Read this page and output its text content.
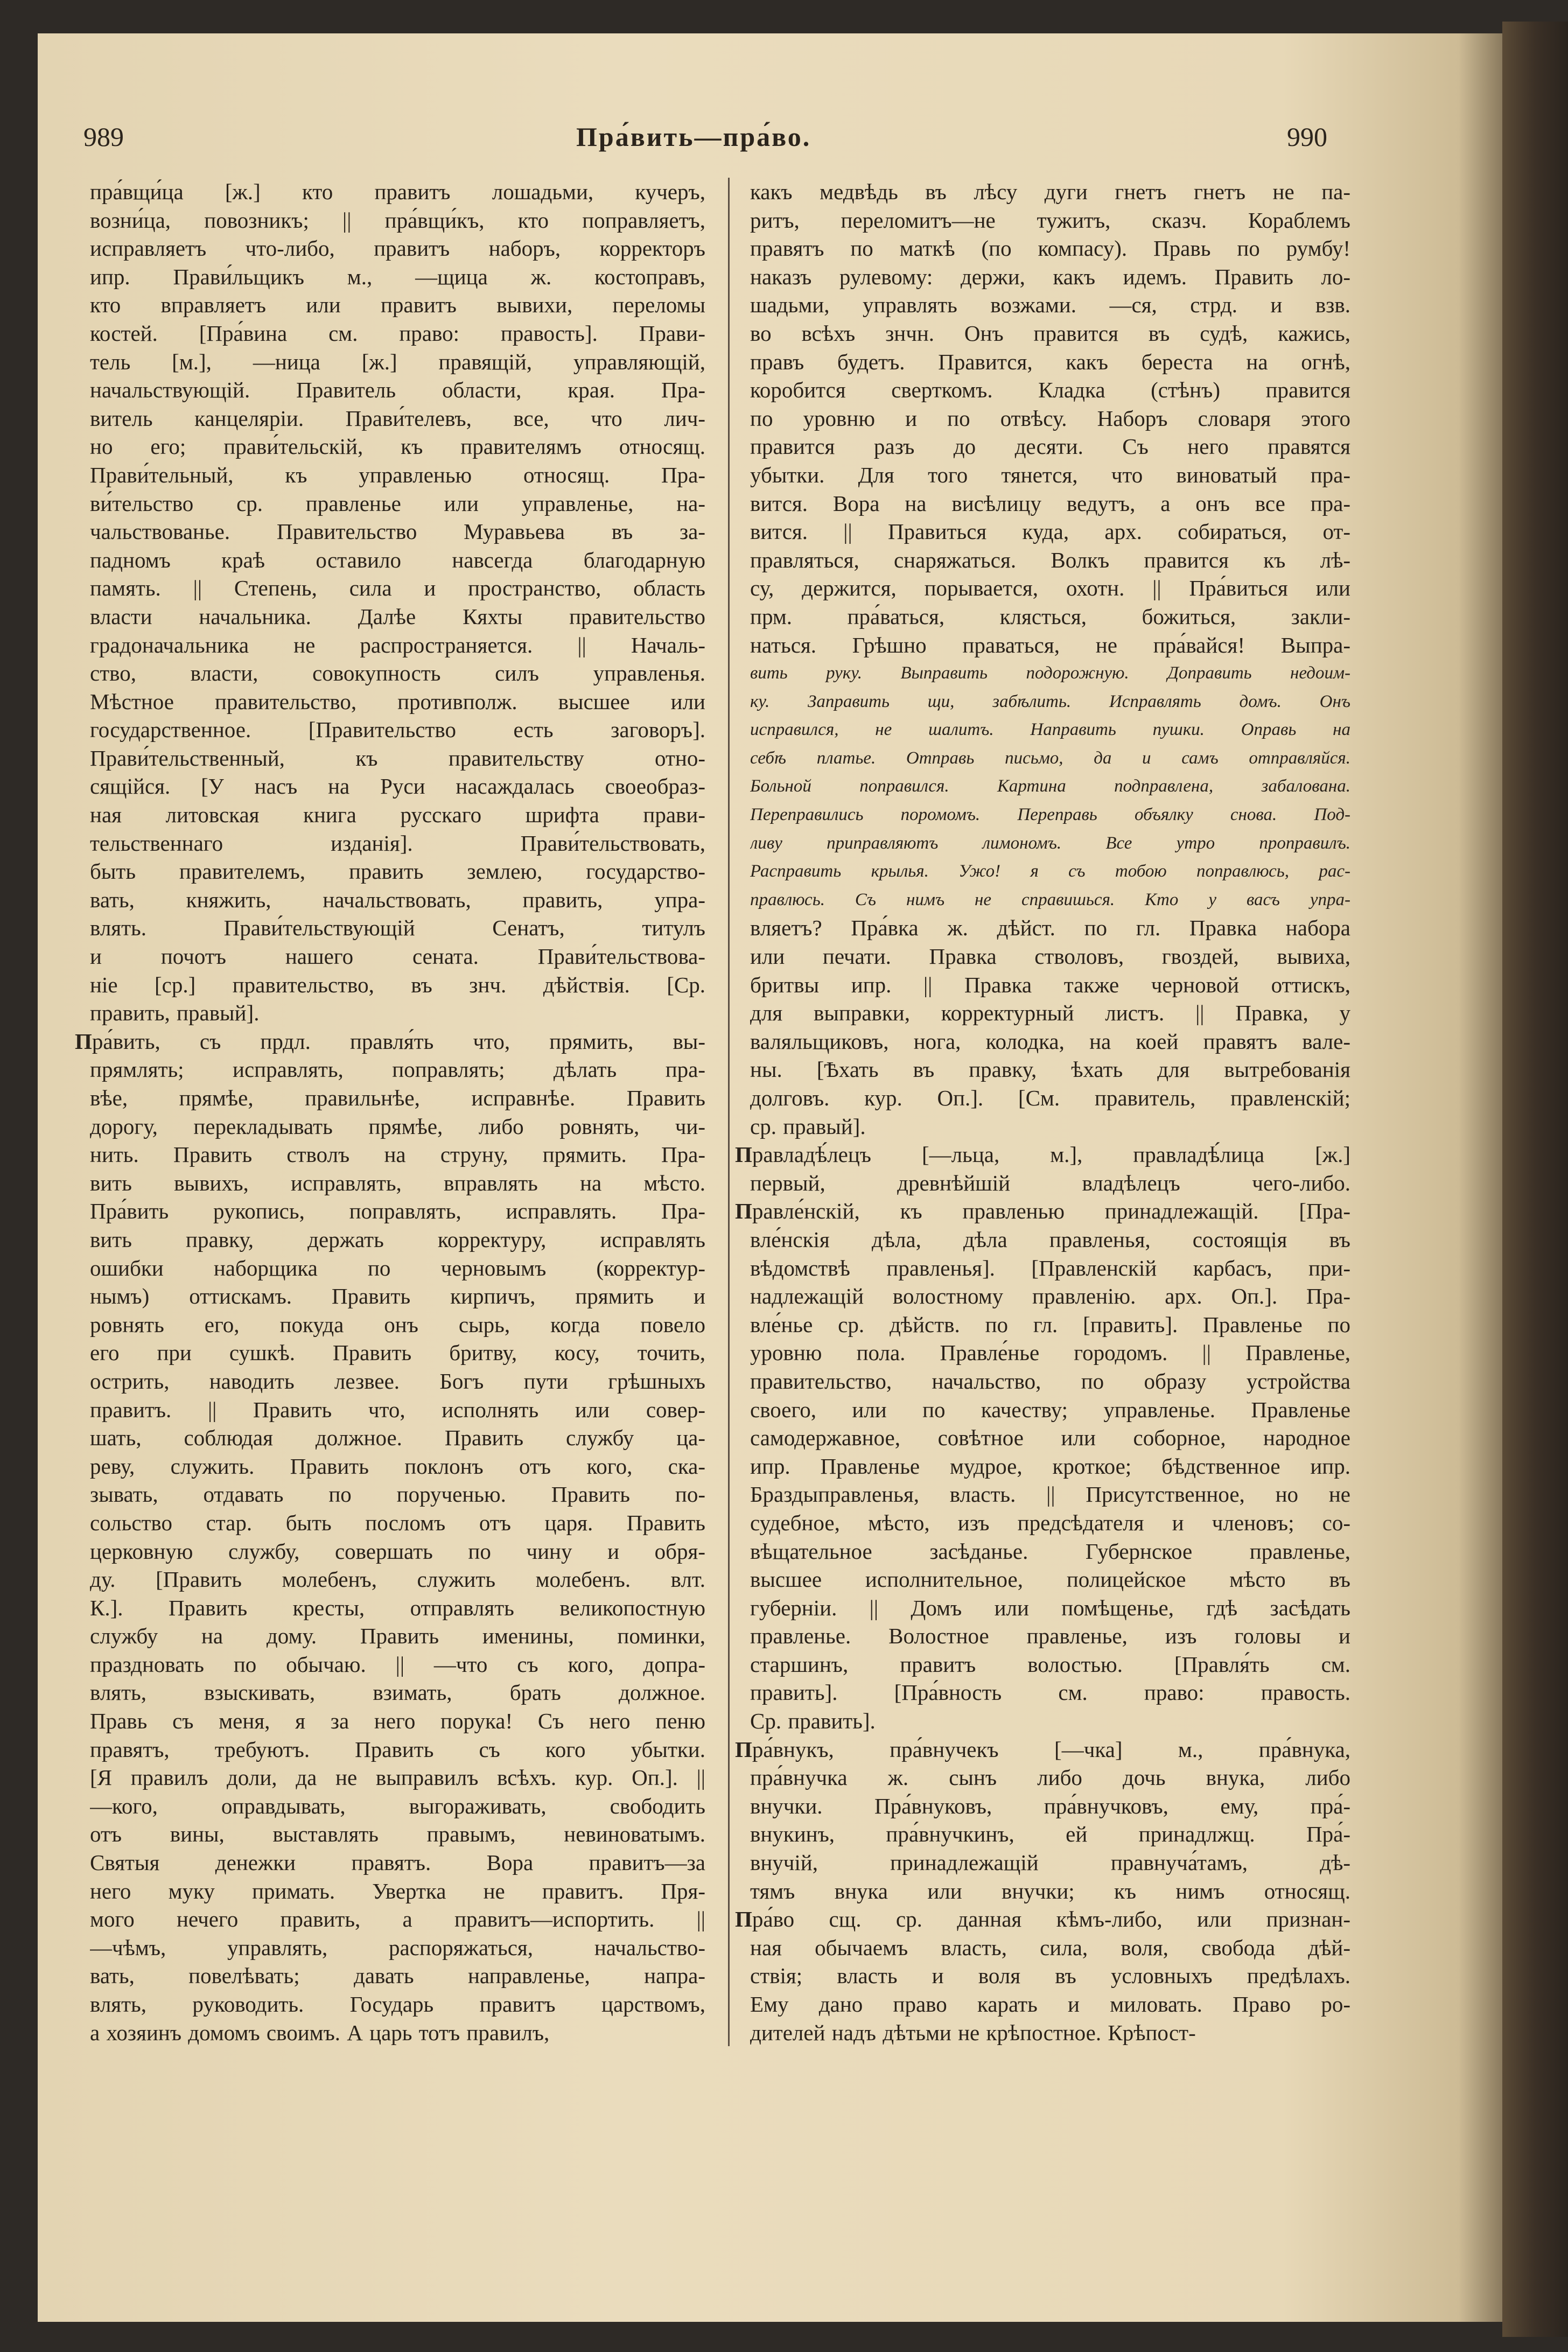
989	Пра́вить—пра́во.	990
пра́вщи́ца [ж.] кто правитъ лошадьми, кучеръ,
возни́ца, повозникъ; || пра́вщи́къ, кто поправляетъ,
исправляетъ что-либо, правитъ наборъ, корректоръ
ипр. Прави́льщикъ м., —щица ж. костоправъ,
кто вправляетъ или правитъ вывихи, переломы
костей. [Пра́вина см. право: правость]. Прави-
тель [м.], —ница [ж.] правящій, управляющій,
начальствующій. Правитель области, края. Пра-
витель канцеляріи. Прави́телевъ, все, что лич-
но его; прави́тельскій, къ правителямъ относящ.
Прави́тельный, къ управленью относящ. Пра-
ви́тельство ср. правленье или управленье, на-
чальствованье. Правительство Муравьева въ за-
падномъ краѣ оставило навсегда благодарную
память. || Степень, сила и пространство, область
власти начальника. Далѣе Кяхты правительство
градоначальника не распространяется. || Началь-
ство, власти, совокупность силъ управленья.
Мѣстное правительство, противполж. высшее или
государственное. [Правительство есть заговоръ].
Прави́тельственный, къ правительству отно-
сящійся. [У насъ на Руси насаждалась своеобраз-
ная литовская книга русскаго шрифта прави-
тельственнаго изданія]. Прави́тельствовать,
быть правителемъ, править землею, государство-
вать, княжить, начальствовать, править, упра-
влять. Прави́тельствующій Сенатъ, титулъ
и почотъ нашего сената. Прави́тельствова-
ніе [ср.] правительство, въ знч. дѣйствія. [Ср.
править, правый].
Пра́вить, съ прдл. правля́ть что, прямить, вы-
прямлять; исправлять, поправлять; дѣлать пра-
вѣе, прямѣе, правильнѣе, исправнѣе. Править
дорогу, перекладывать прямѣе, либо ровнять, чи-
нить. Править стволъ на струну, прямить. Пра-
вить вывихъ, исправлять, вправлять на мѣсто.
Пра́вить рукопись, поправлять, исправлять. Пра-
вить правку, держать корректуру, исправлять
ошибки наборщика по черновымъ (корректур-
нымъ) оттискамъ. Править кирпичъ, прямить и
ровнять его, покуда онъ сырь, когда повело
его при сушкѣ. Править бритву, косу, точить,
острить, наводить лезвее. Богъ пути грѣшныхъ
правитъ. || Править что, исполнять или совер-
шать, соблюдая должное. Править службу ца-
реву, служить. Править поклонъ отъ кого, ска-
зывать, отдавать по порученью. Править по-
сольство стар. быть посломъ отъ царя. Править
церковную службу, совершать по чину и обря-
ду. [Править молебенъ, служить молебенъ. влт.
К.]. Править кресты, отправлять великопостную
службу на дому. Править именины, поминки,
праздновать по обычаю. || —что съ кого, допра-
влять, взыскивать, взимать, брать должное.
Правь съ меня, я за него порука! Съ него пеню
правятъ, требуютъ. Править съ кого убытки.
[Я правилъ доли, да не выправилъ всѣхъ. кур. Оп.]. ||
—кого, оправдывать, выгораживать, свободить
отъ вины, выставлять правымъ, невиноватымъ.
Святыя денежки правятъ. Вора правитъ—за
него муку примать. Увертка не правитъ. Пря-
мого нечего править, а правитъ—испортить. ||
—чѣмъ, управлять, распоряжаться, начальство-
вать, повелѣвать; давать направленье, напра-
влять, руководить. Государь правитъ царствомъ,
а хозяинъ домомъ своимъ. А царь тотъ правилъ,
какъ медвѣдь въ лѣсу дуги гнетъ гнетъ не па-
ритъ, переломитъ—не тужитъ, сказч. Кораблемъ
правятъ по маткѣ (по компасу). Правь по румбу!
наказъ рулевому: держи, какъ идемъ. Править ло-
шадьми, управлять возжами. —ся, стрд. и взв.
во всѣхъ знчн. Онъ правится въ судѣ, кажись,
правъ будетъ. Правится, какъ береста на огнѣ,
коробится сверткомъ. Кладка (стѣнъ) правится
по уровню и по отвѣсу. Наборъ словаря этого
правится разъ до десяти. Съ него правятся
убытки. Для того тянется, что виноватый пра-
вится. Вора на висѣлицу ведутъ, а онъ все пра-
вится. || Правиться куда, арх. собираться, от-
правляться, снаряжаться. Волкъ правится къ лѣ-
су, держится, порывается, охотн. || Пра́виться или
прм. пра́ваться, клясться, божиться, закли-
наться. Грѣшно праваться, не пра́вайся! Выпра-
вить руку. Выправить подорожную. Доправить недоим-
ку. Заправить щи, забѣлить. Исправлять домъ. Онъ
исправился, не шалитъ. Направить пушки. Оправь на
себѣ платье. Отправь письмо, да и самъ отправляйся.
Больной поправился. Картина подправлена, забалована.
Переправились поромомъ. Переправь объялку снова. Под-
ливу приправляютъ лимономъ. Все утро проправилъ.
Расправить крылья. Ужо! я съ тобою поправлюсь, рас-
правлюсь. Съ нимъ не справишься. Кто у васъ упра-
вляетъ? Пра́вка ж. дѣйст. по гл. Правка набора
или печати. Правка стволовъ, гвоздей, вывиха,
бритвы ипр. || Правка также черновой оттискъ,
для выправки, корректурный листъ. || Правка, у
валяльщиковъ, нога, колодка, на коей правятъ вале-
ны. [Ѣхать въ правку, ѣхать для вытребованія
долговъ. кур. Оп.]. [См. правитель, правленскій;
ср. правый].
Правладѣ́лецъ [—льца, м.], правладѣ́лица [ж.]
первый, древнѣйшій владѣлецъ чего-либо.
Правле́нскій, къ правленью принадлежащій. [Пра-
вле́нскія дѣла, дѣла правленья, состоящія въ
вѣдомствѣ правленья]. [Правленскій карбасъ, при-
надлежащій волостному правленію. арх. Оп.]. Пра-
вле́нье ср. дѣйств. по гл. [править]. Правленье по
уровню пола. Правле́нье городомъ. || Правленье,
правительство, начальство, по образу устройства
своего, или по качеству; управленье. Правленье
самодержавное, совѣтное или соборное, народное
ипр. Правленье мудрое, кроткое; бѣдственное ипр.
Браздыправленья, власть. || Присутственное, но не
судебное, мѣсто, изъ предсѣдателя и членовъ; со-
вѣщательное засѣданье. Губернское правленье,
высшее исполнительное, полицейское мѣсто въ
губерніи. || Домъ или помѣщенье, гдѣ засѣдать
правленье. Волостное правленье, изъ головы и
старшинъ, правитъ волостью. [Правля́ть см.
править]. [Пра́вность см. право: правость.
Ср. править].
Пра́внукъ, пра́внучекъ [—чка] м., пра́внука,
пра́внучка ж. сынъ либо дочь внука, либо
внучки. Пра́внуковъ, пра́внучковъ, ему, пра́-
внукинъ, пра́внучкинъ, ей принадлжщ. Пра́-
внучій, принадлежащій правнуча́тамъ, дѣ-
тямъ внука или внучки; къ нимъ относящ.
Пра́во сщ. ср. данная кѣмъ-либо, или признан-
ная обычаемъ власть, сила, воля, свобода дѣй-
ствія; власть и воля въ условныхъ предѣлахъ.
Ему дано право карать и миловать. Право ро-
дителей надъ дѣтьми не крѣпостное. Крѣпост-
